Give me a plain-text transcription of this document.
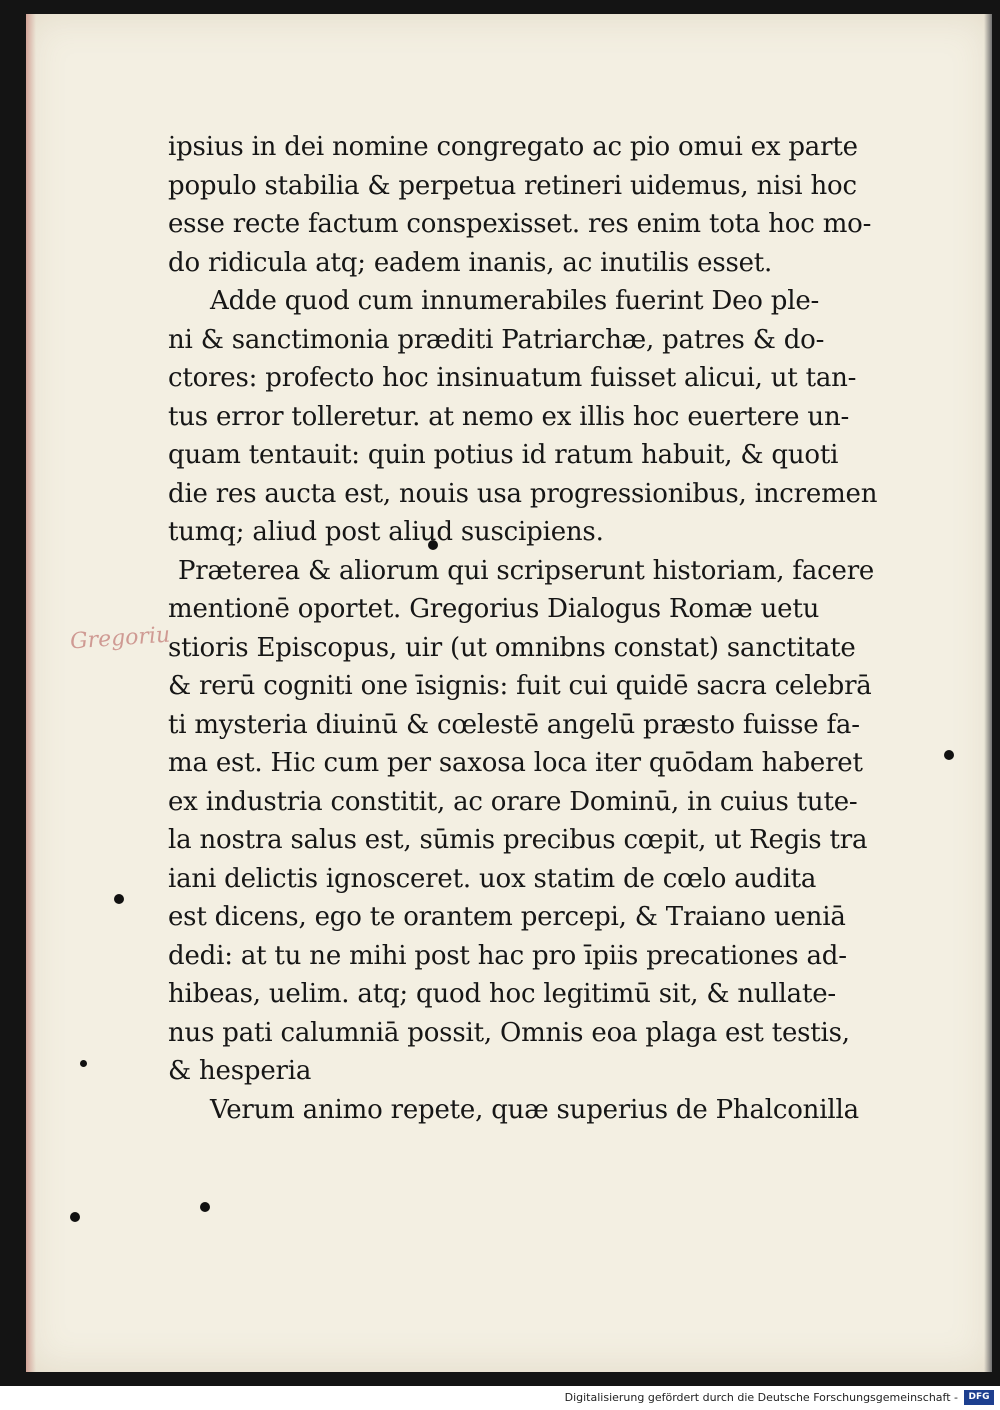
Gregoriu
ipsius in dei nomine congregato ac pio omui ex parte
populo stabilia & perpetua retineri uidemus, nisi hoc
esse recte factum conspexisset. res enim tota hoc mo-
do ridicula atq; eadem inanis, ac inutilis esset.
Adde quod cum innumerabiles fuerint Deo ple-
ni & sanctimonia præditi Patriarchæ, patres & do-
ctores: profecto hoc insinuatum fuisset alicui, ut tan-
tus error tolleretur. at nemo ex illis hoc euertere un-
quam tentauit: quin potius id ratum habuit, & quoti
die res aucta est, nouis usa progressionibus, incremen
tumq; aliud post aliud suscipiens.
Præterea & aliorum qui scripserunt historiam, facere
mentionē oportet. Gregorius Dialogus Romæ uetu
stioris Episcopus, uir (ut omnibns constat) sanctitate
& rerū cogniti one īsignis: fuit cui quidē sacra celebrā
ti mysteria diuinū & cœlestē angelū præsto fuisse fa-
ma est. Hic cum per saxosa loca iter quōdam haberet
ex industria constitit, ac orare Dominū, in cuius tute-
la nostra salus est, sūmis precibus cœpit, ut Regis tra
iani delictis ignosceret. uox statim de cœlo audita
est dicens, ego te orantem percepi, & Traiano ueniā
dedi: at tu ne mihi post hac pro īpiis precationes ad-
hibeas, uelim. atq; quod hoc legitimū sit, & nullate-
nus pati calumniā possit, Omnis eoa plaga est testis,
& hesperia
Verum animo repete, quæ superius de Phalconilla
Digitalisierung gefördert durch die Deutsche Forschungsgemeinschaft -	DFG
